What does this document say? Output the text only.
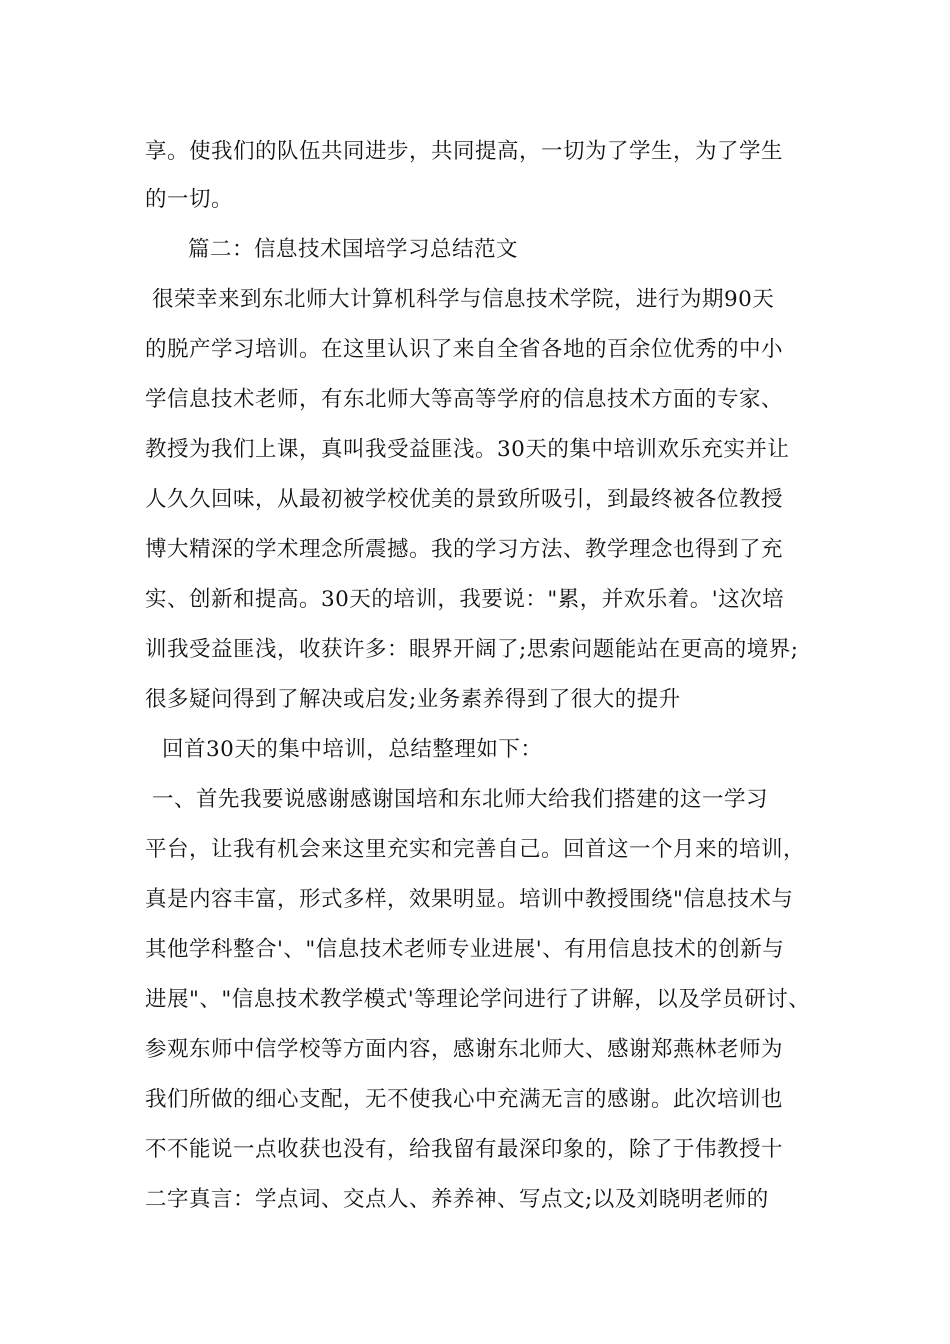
享。使我们的队伍共同进步，共同提高，一切为了学生，为了学生
的一切。
篇二：信息技术国培学习总结范文
很荣幸来到东北师大计算机科学与信息技术学院，进行为期90天
的脱产学习培训。在这里认识了来自全省各地的百余位优秀的中小
学信息技术老师，有东北师大等高等学府的信息技术方面的专家、
教授为我们上课，真叫我受益匪浅。30天的集中培训欢乐充实并让
人久久回味，从最初被学校优美的景致所吸引，到最终被各位教授
博大精深的学术理念所震撼。我的学习方法、教学理念也得到了充
实、创新和提高。30天的培训，我要说："累，并欢乐着。'这次培
训我受益匪浅，收获许多：眼界开阔了;思索问题能站在更高的境界;
很多疑问得到了解决或启发;业务素养得到了很大的提升
回首30天的集中培训，总结整理如下：
一、首先我要说感谢感谢国培和东北师大给我们搭建的这一学习
平台，让我有机会来这里充实和完善自己。回首这一个月来的培训，
真是内容丰富，形式多样，效果明显。培训中教授围绕"信息技术与
其他学科整合'、"信息技术老师专业进展'、有用信息技术的创新与
进展"、"信息技术教学模式'等理论学问进行了讲解，以及学员研讨、
参观东师中信学校等方面内容，感谢东北师大、感谢郑燕林老师为
我们所做的细心支配，无不使我心中充满无言的感谢。此次培训也
不不能说一点收获也没有，给我留有最深印象的，除了于伟教授十
二字真言：学点词、交点人、养养神、写点文;以及刘晓明老师的
